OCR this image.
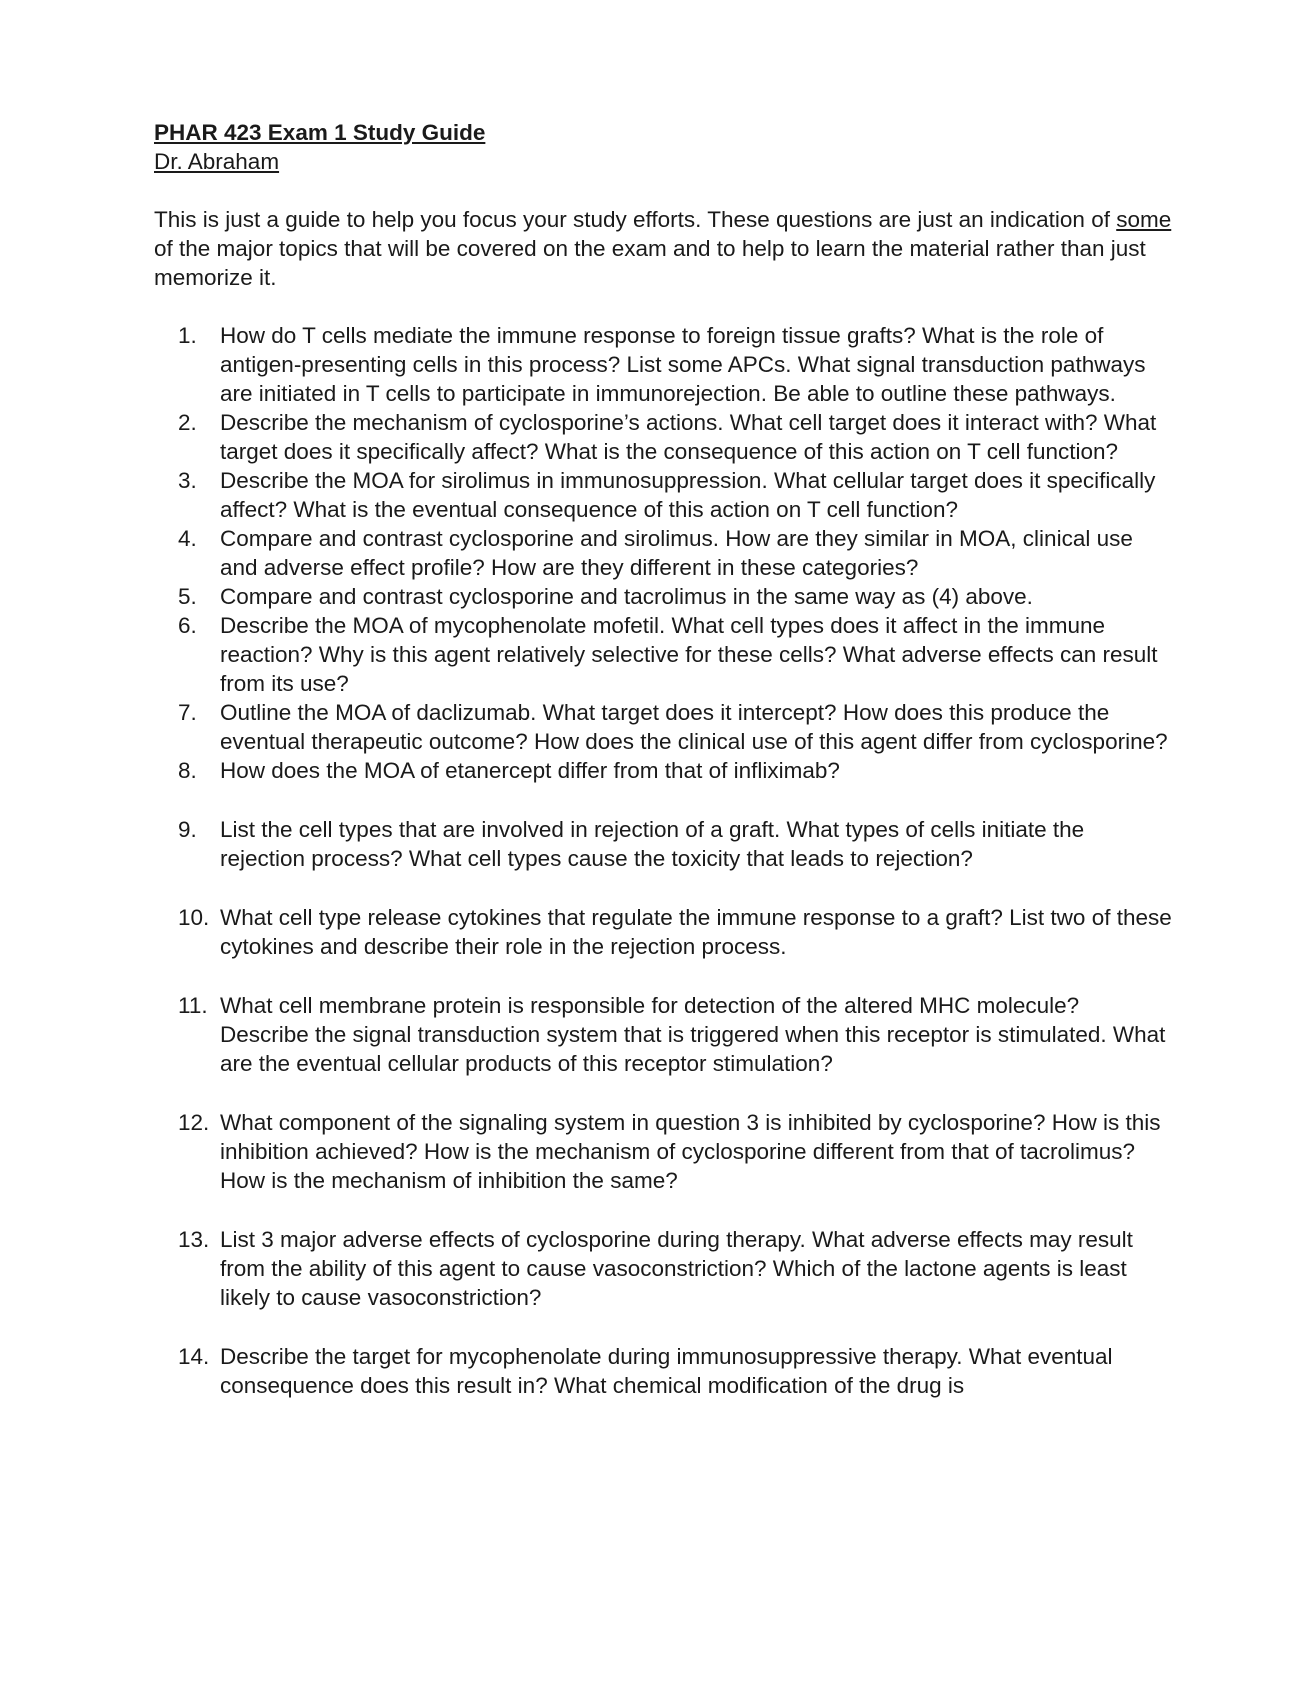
PHAR 423 Exam 1 Study Guide

Dr. Abraham

This is just a guide to help you focus your study efforts. These questions are just an indication of some of the major topics that will be covered on the exam and to help to learn the material rather than just memorize it.

1.	How do T cells mediate the immune response to foreign tissue grafts? What is the role of antigen-presenting cells in this process? List some APCs. What signal transduction pathways are initiated in T cells to participate in immunorejection. Be able to outline these pathways.
2.	Describe the mechanism of cyclosporine’s actions. What cell target does it interact with? What target does it specifically affect? What is the consequence of this action on T cell function?
3.	Describe the MOA for sirolimus in immunosuppression. What cellular target does it specifically affect? What is the eventual consequence of this action on T cell function?
4.	Compare and contrast cyclosporine and sirolimus. How are they similar in MOA, clinical use and adverse effect profile? How are they different in these categories?
5.	Compare and contrast cyclosporine and tacrolimus in the same way as (4) above.
6.	Describe the MOA of mycophenolate mofetil. What cell types does it affect in the immune reaction? Why is this agent relatively selective for these cells? What adverse effects can result from its use?
7.	Outline the MOA of daclizumab. What target does it intercept? How does this produce the eventual therapeutic outcome? How does the clinical use of this agent differ from cyclosporine?
8.	How does the MOA of etanercept differ from that of infliximab?
9.	List the cell types that are involved in rejection of a graft. What types of cells initiate the rejection process? What cell types cause the toxicity that leads to rejection?
10. What cell type release cytokines that regulate the immune response to a graft? List two of these cytokines and describe their role in the rejection process.
11. What cell membrane protein is responsible for detection of the altered MHC molecule? Describe the signal transduction system that is triggered when this receptor is stimulated. What are the eventual cellular products of this receptor stimulation?
12. What component of the signaling system in question 3 is inhibited by cyclosporine? How is this inhibition achieved? How is the mechanism of cyclosporine different from that of tacrolimus? How is the mechanism of inhibition the same?
13. List 3 major adverse effects of cyclosporine during therapy. What adverse effects may result from the ability of this agent to cause vasoconstriction? Which of the lactone agents is least likely to cause vasoconstriction?
14. Describe the target for mycophenolate during immunosuppressive therapy. What eventual consequence does this result in? What chemical modification of the drug is
